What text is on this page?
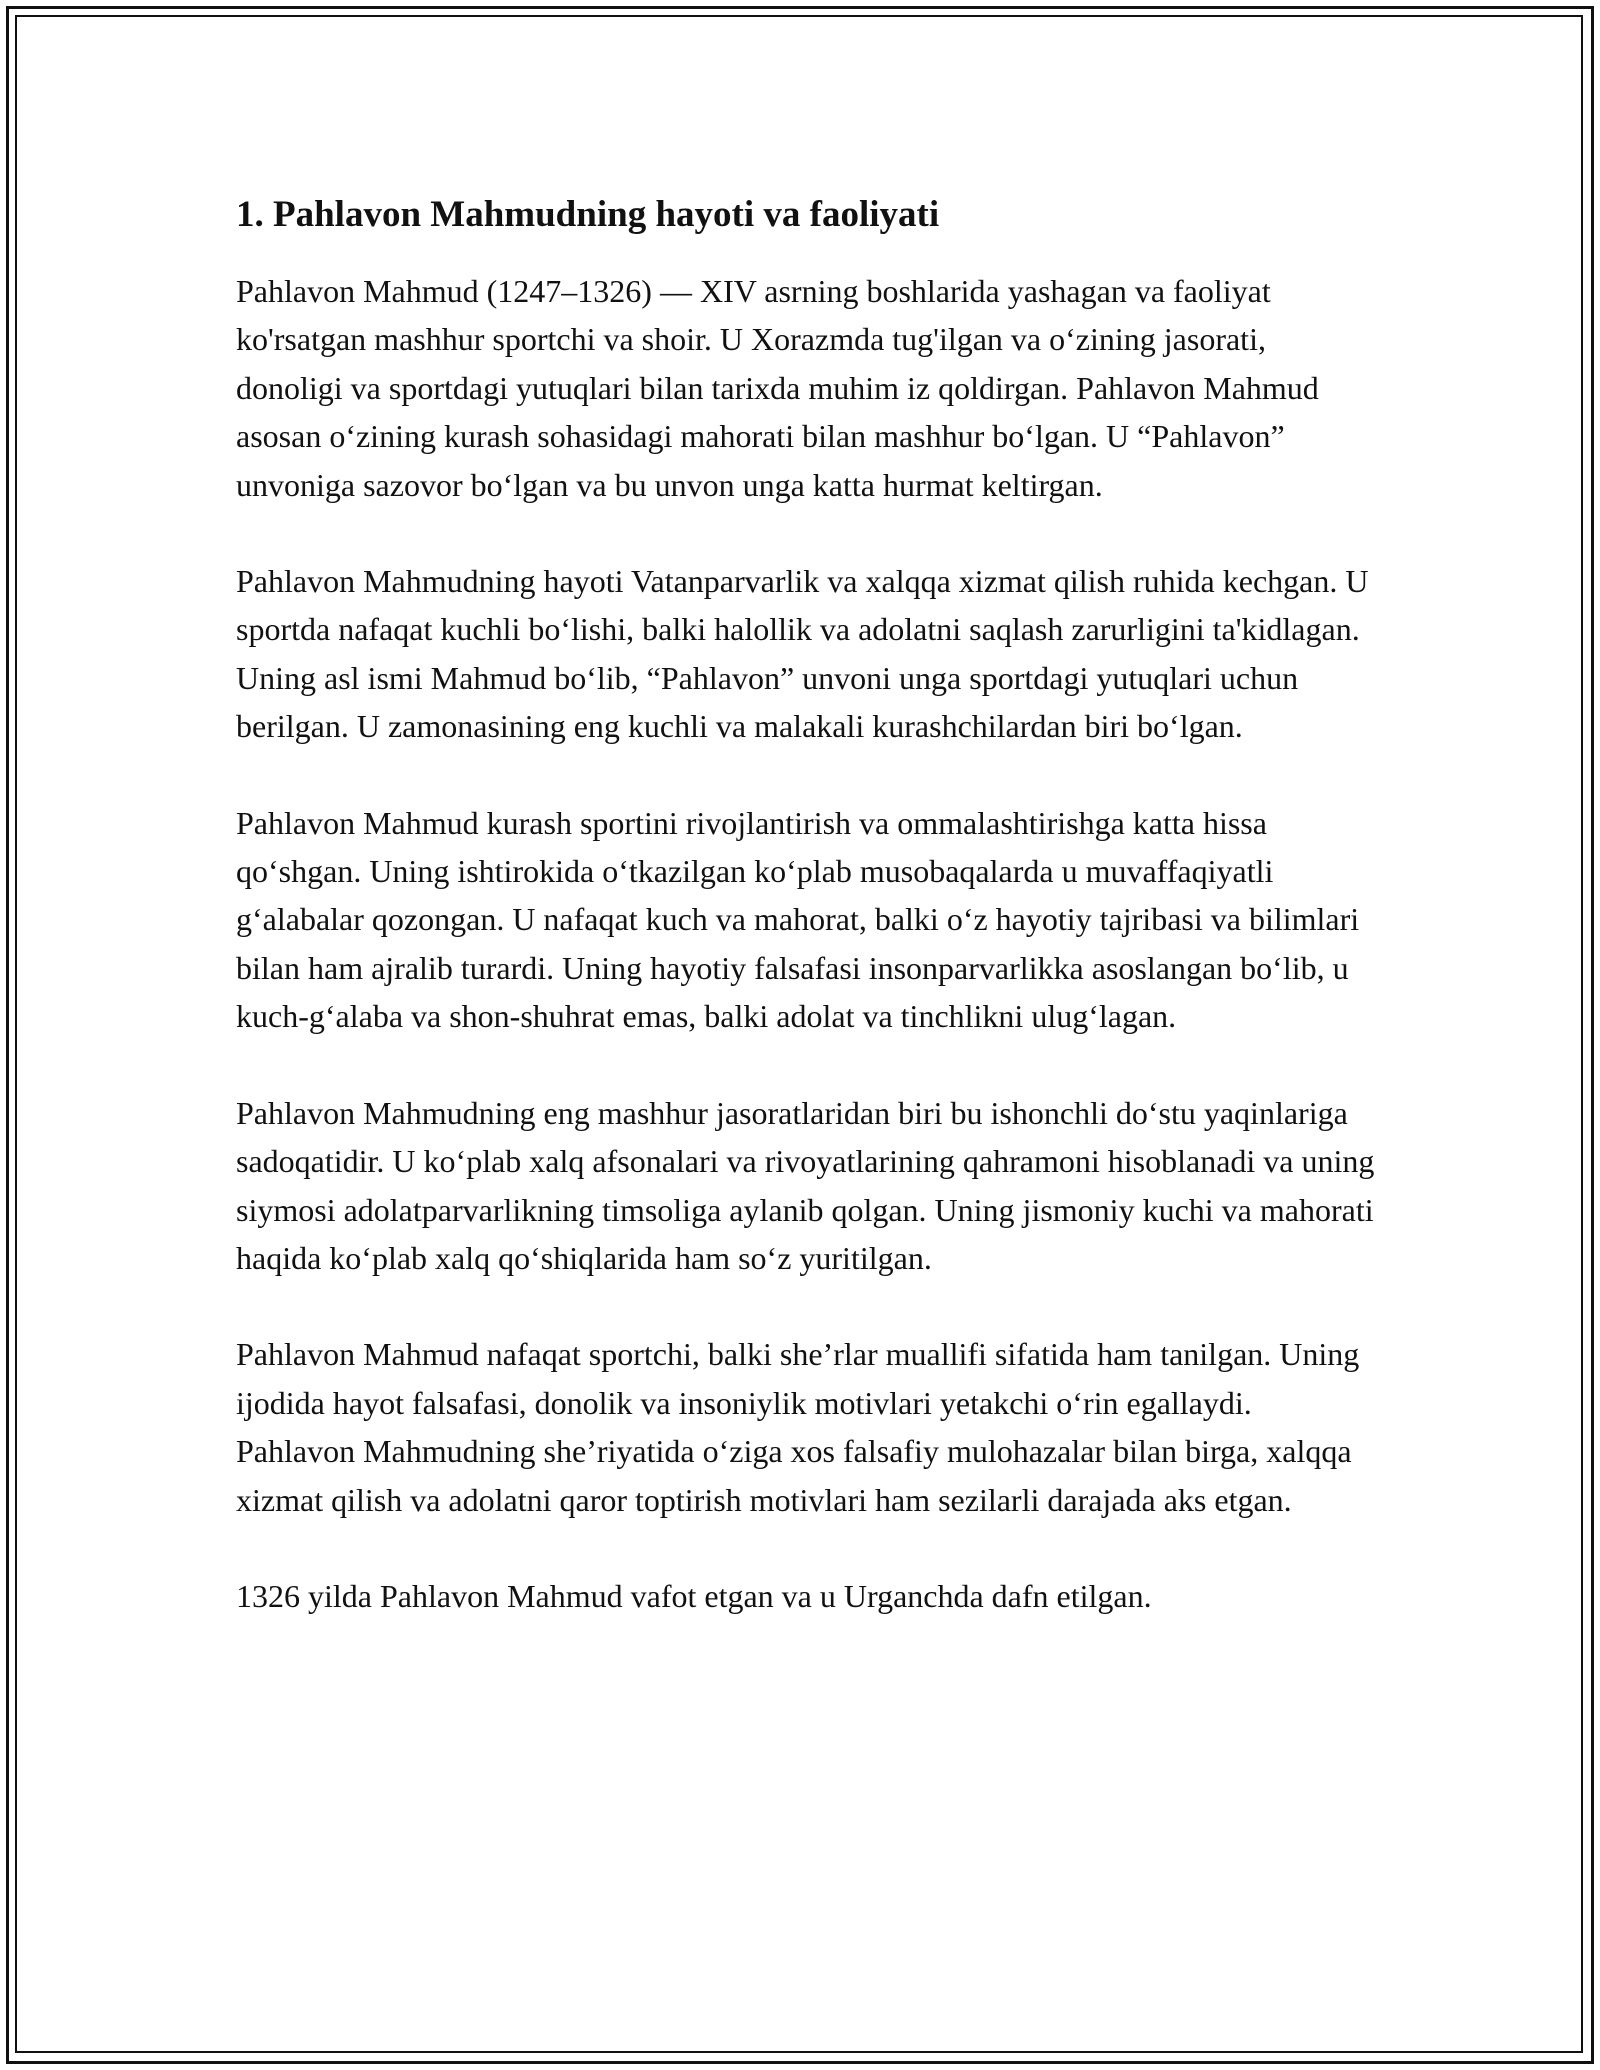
1. Pahlavon Mahmudning hayoti va faoliyati

Pahlavon Mahmud (1247–1326) — XIV asrning boshlarida yashagan va faoliyat ko'rsatgan mashhur sportchi va shoir. U Xorazmda tug'ilgan va oʻzining jasorati, donoligi va sportdagi yutuqlari bilan tarixda muhim iz qoldirgan. Pahlavon Mahmud asosan oʻzining kurash sohasidagi mahorati bilan mashhur boʻlgan. U “Pahlavon” unvoniga sazovor boʻlgan va bu unvon unga katta hurmat keltirgan.

Pahlavon Mahmudning hayoti Vatanparvarlik va xalqqa xizmat qilish ruhida kechgan. U sportda nafaqat kuchli boʻlishi, balki halollik va adolatni saqlash zarurligini ta'kidlagan. Uning asl ismi Mahmud boʻlib, “Pahlavon” unvoni unga sportdagi yutuqlari uchun berilgan. U zamonasining eng kuchli va malakali kurashchilardan biri boʻlgan.

Pahlavon Mahmud kurash sportini rivojlantirish va ommalashtirishga katta hissa qoʻshgan. Uning ishtirokida oʻtkazilgan koʻplab musobaqalarda u muvaffaqiyatli gʻalabalar qozongan. U nafaqat kuch va mahorat, balki oʻz hayotiy tajribasi va bilimlari bilan ham ajralib turardi. Uning hayotiy falsafasi insonparvarlikka asoslangan boʻlib, u kuch-gʻalaba va shon-shuhrat emas, balki adolat va tinchlikni ulugʻlagan.

Pahlavon Mahmudning eng mashhur jasoratlaridan biri bu ishonchli doʻstu yaqinlariga sadoqatidir. U koʻplab xalq afsonalari va rivoyatlarining qahramoni hisoblanadi va uning siymosi adolatparvarlikning timsoliga aylanib qolgan. Uning jismoniy kuchi va mahorati haqida koʻplab xalq qoʻshiqlarida ham soʻz yuritilgan.

Pahlavon Mahmud nafaqat sportchi, balki she’rlar muallifi sifatida ham tanilgan. Uning ijodida hayot falsafasi, donolik va insoniylik motivlari yetakchi oʻrin egallaydi. Pahlavon Mahmudning she’riyatida oʻziga xos falsafiy mulohazalar bilan birga, xalqqa xizmat qilish va adolatni qaror toptirish motivlari ham sezilarli darajada aks etgan.

1326 yilda Pahlavon Mahmud vafot etgan va u Urganchda dafn etilgan.
